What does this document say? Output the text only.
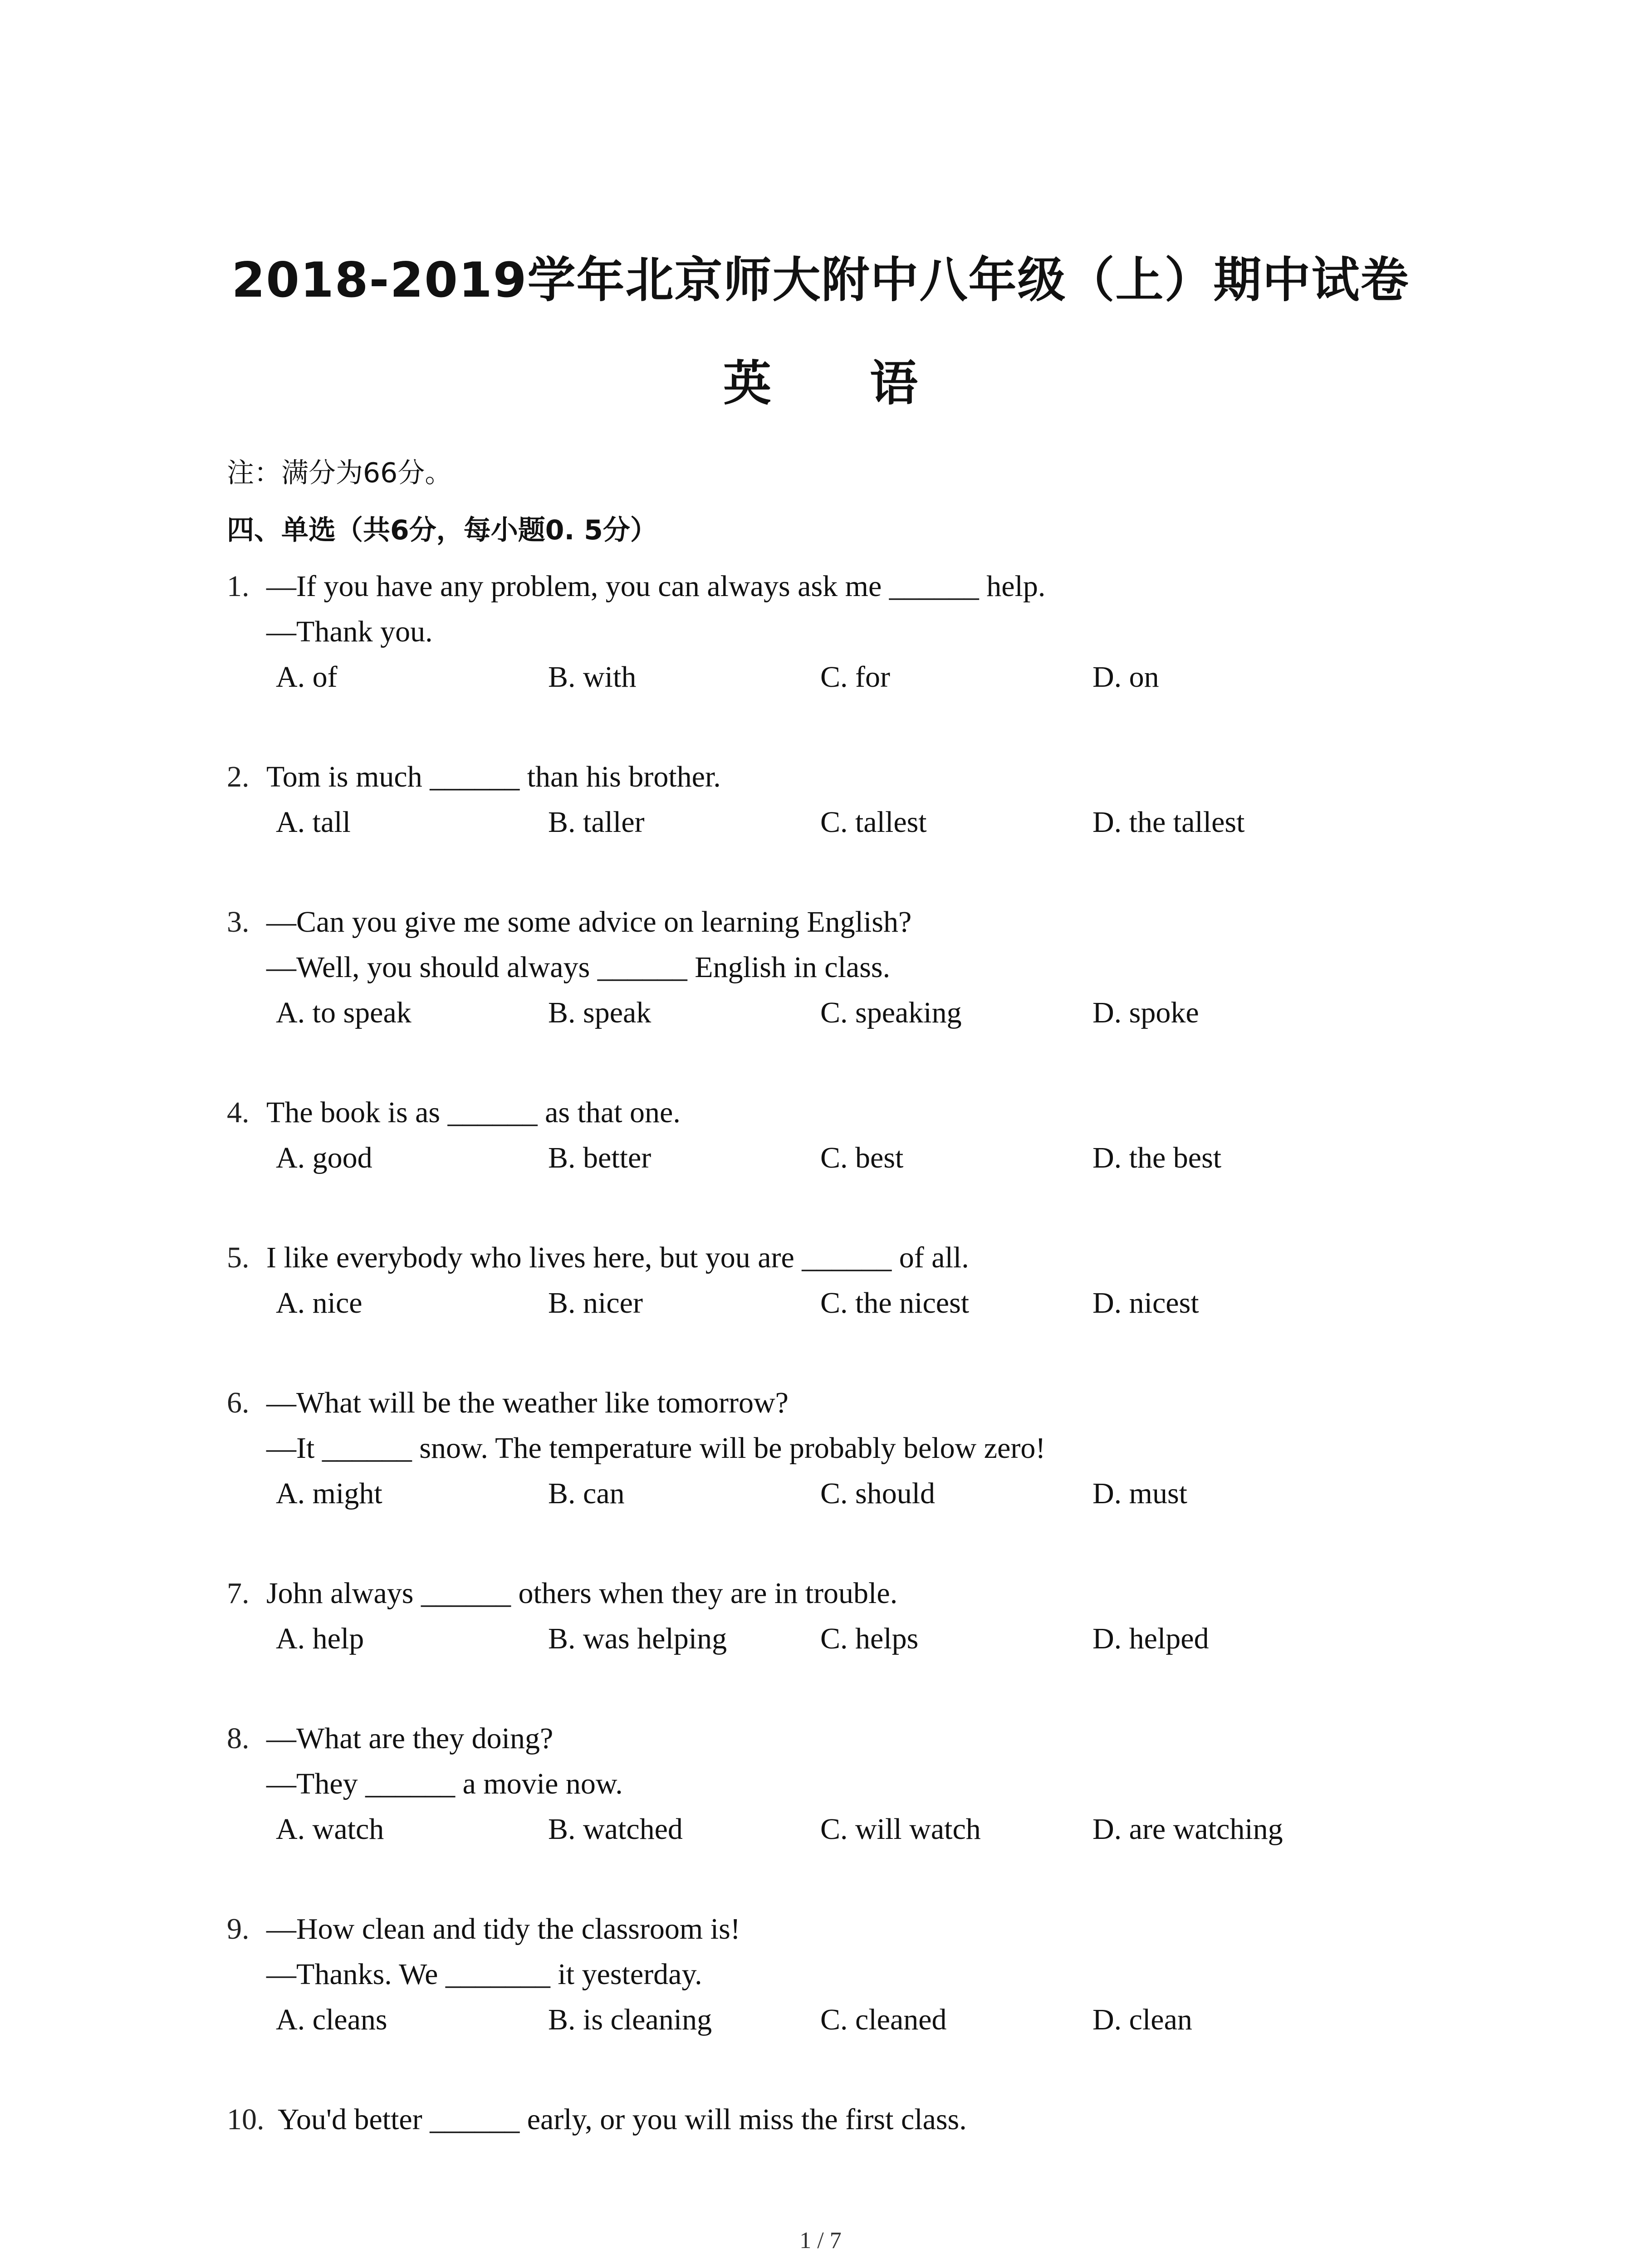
2018-2019学年北京师大附中八年级（上）期中试卷
英 语
注：满分为66分。
四、单选（共6分，每小题0. 5分）
1. —If you have any problem, you can always ask me ______ help.
—Thank you.
A. of	B. with	C. for	D. on
2. Tom is much ______ than his brother.
A. tall	B. taller	C. tallest	D. the tallest
3. —Can you give me some advice on learning English?
—Well, you should always ______ English in class.
A. to speak	B. speak	C. speaking	D. spoke
4. The book is as ______ as that one.
A. good	B. better	C. best	D. the best
5. I like everybody who lives here, but you are ______ of all.
A. nice	B. nicer	C. the nicest	D. nicest
6. —What will be the weather like tomorrow?
—It ______ snow. The temperature will be probably below zero!
A. might	B. can	C. should	D. must
7. John always ______ others when they are in trouble.
A. help	B. was helping	C. helps	D. helped
8. —What are they doing?
—They ______ a movie now.
A. watch	B. watched	C. will watch	D. are watching
9. —How clean and tidy the classroom is!
—Thanks. We _______ it yesterday.
A. cleans	B. is cleaning	C. cleaned	D. clean
10. You'd better ______ early, or you will miss the first class.
1 / 7
